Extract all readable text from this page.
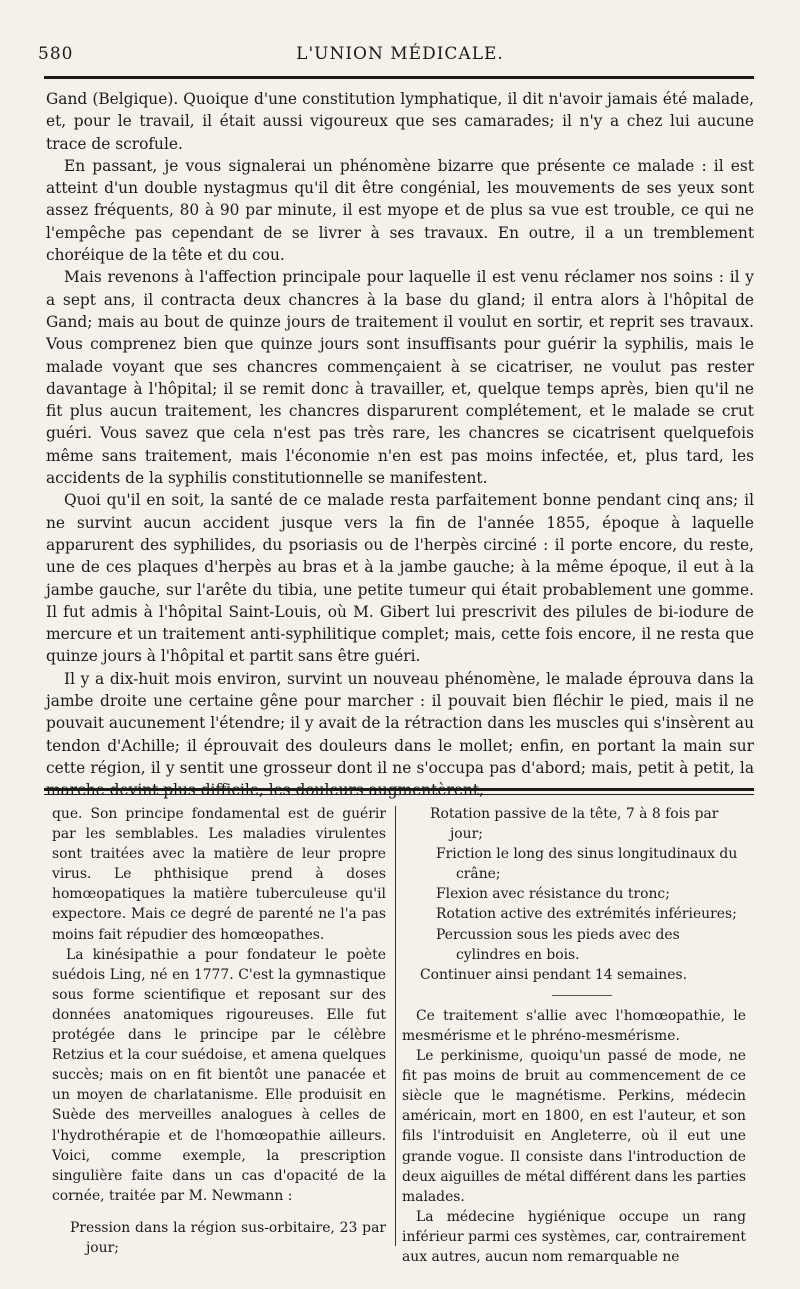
580	L'UNION MÉDICALE.

Gand (Belgique). Quoique d'une constitution lymphatique, il dit n'avoir jamais été malade, et, pour le travail, il était aussi vigoureux que ses camarades; il n'y a chez lui aucune trace de scrofule.

En passant, je vous signalerai un phénomène bizarre que présente ce malade : il est atteint d'un double nystagmus qu'il dit être congénial, les mouvements de ses yeux sont assez fréquents, 80 à 90 par minute, il est myope et de plus sa vue est trouble, ce qui ne l'empêche pas cependant de se livrer à ses travaux. En outre, il a un tremblement choréique de la tête et du cou.

Mais revenons à l'affection principale pour laquelle il est venu réclamer nos soins : il y a sept ans, il contracta deux chancres à la base du gland; il entra alors à l'hôpital de Gand; mais au bout de quinze jours de traitement il voulut en sortir, et reprit ses travaux. Vous comprenez bien que quinze jours sont insuffisants pour guérir la syphilis, mais le malade voyant que ses chancres commençaient à se cicatriser, ne voulut pas rester davantage à l'hôpital; il se remit donc à travailler, et, quelque temps après, bien qu'il ne fit plus aucun traitement, les chancres disparurent complétement, et le malade se crut guéri. Vous savez que cela n'est pas très rare, les chancres se cicatrisent quelquefois même sans traitement, mais l'économie n'en est pas moins infectée, et, plus tard, les accidents de la syphilis constitutionnelle se manifestent.

Quoi qu'il en soit, la santé de ce malade resta parfaitement bonne pendant cinq ans; il ne survint aucun accident jusque vers la fin de l'année 1855, époque à laquelle apparurent des syphilides, du psoriasis ou de l'herpès circiné : il porte encore, du reste, une de ces plaques d'herpès au bras et à la jambe gauche; à la même époque, il eut à la jambe gauche, sur l'arête du tibia, une petite tumeur qui était probablement une gomme. Il fut admis à l'hôpital Saint-Louis, où M. Gibert lui prescrivit des pilules de bi-iodure de mercure et un traitement anti-syphilitique complet; mais, cette fois encore, il ne resta que quinze jours à l'hôpital et partit sans être guéri.

Il y a dix-huit mois environ, survint un nouveau phénomène, le malade éprouva dans la jambe droite une certaine gêne pour marcher : il pouvait bien fléchir le pied, mais il ne pouvait aucunement l'étendre; il y avait de la rétraction dans les muscles qui s'insèrent au tendon d'Achille; il éprouvait des douleurs dans le mollet; enfin, en portant la main sur cette région, il y sentit une grosseur dont il ne s'occupa pas d'abord; mais, petit à petit, la marche devint plus difficile, les douleurs augmentèrent,

que. Son principe fondamental est de guérir par les semblables. Les maladies virulentes sont traitées avec la matière de leur propre virus. Le phthisique prend à doses homœopatiques la matière tuberculeuse qu'il expectore. Mais ce degré de parenté ne l'a pas moins fait répudier des homœopathes.

La kinésipathie a pour fondateur le poète suédois Ling, né en 1777. C'est la gymnastique sous forme scientifique et reposant sur des données anatomiques rigoureuses. Elle fut protégée dans le principe par le célèbre Retzius et la cour suédoise, et amena quelques succès; mais on en fit bientôt une panacée et un moyen de charlatanisme. Elle produisit en Suède des merveilles analogues à celles de l'hydrothérapie et de l'homœopathie ailleurs. Voici, comme exemple, la prescription singulière faite dans un cas d'opacité de la cornée, traitée par M. Newmann :

Pression dans la région sus-orbitaire, 23 par jour;

Rotation passive de la tête, 7 à 8 fois par jour;
Friction le long des sinus longitudinaux du crâne;
Flexion avec résistance du tronc;
Rotation active des extrémités inférieures;
Percussion sous les pieds avec des cylindres en bois.
Continuer ainsi pendant 14 semaines.

Ce traitement s'allie avec l'homœopathie, le mesmérisme et le phréno-mesmérisme.

Le perkinisme, quoiqu'un passé de mode, ne fit pas moins de bruit au commencement de ce siècle que le magnétisme. Perkins, médecin américain, mort en 1800, en est l'auteur, et son fils l'introduisit en Angleterre, où il eut une grande vogue. Il consiste dans l'introduction de deux aiguilles de métal différent dans les parties malades.

La médecine hygiénique occupe un rang inférieur parmi ces systèmes, car, contrairement aux autres, aucun nom remarquable ne
